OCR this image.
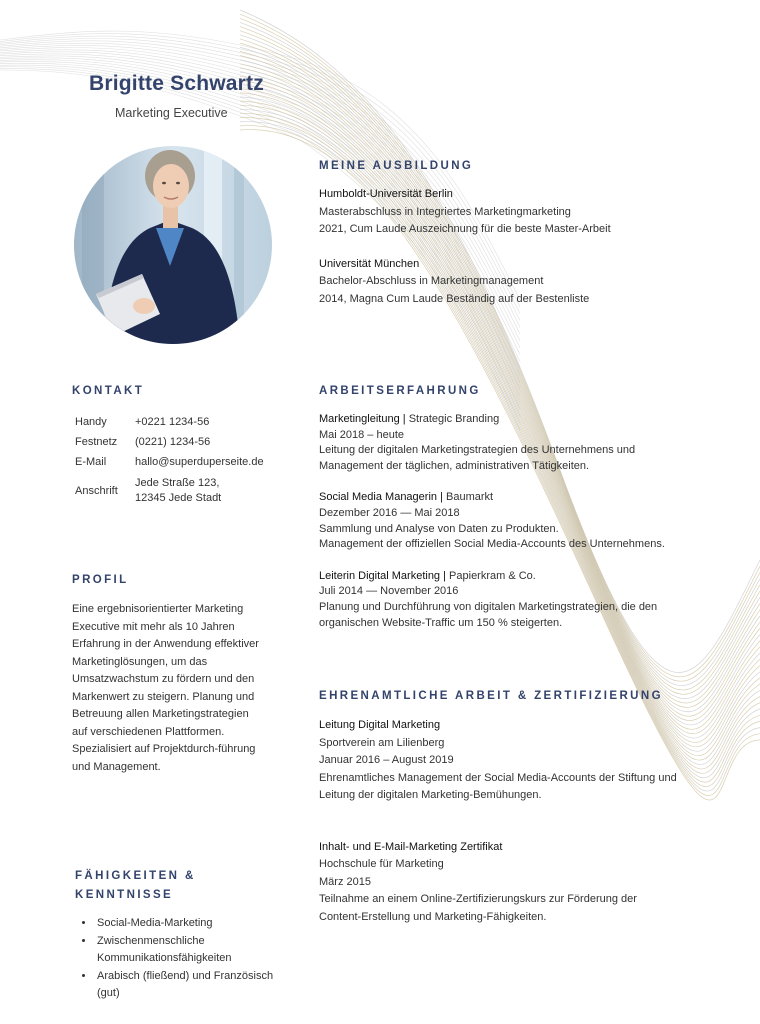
Brigitte Schwartz
Marketing Executive
MEINE AUSBILDUNG
Humboldt-Universität Berlin
Masterabschluss in Integriertes Marketingmarketing
2021, Cum Laude Auszeichnung für die beste Master-Arbeit
Universität München
Bachelor-Abschluss in Marketingmanagement
2014, Magna Cum Laude Beständig auf der Bestenliste
KONTAKT
Handy	+0221 1234-56
Festnetz	(0221) 1234-56
E-Mail	hallo@superduperseite.de
Anschrift	Jede Straße 123,
12345 Jede Stadt
PROFIL
Eine ergebnisorientierter Marketing
Executive mit mehr als 10 Jahren
Erfahrung in der Anwendung effektiver
Marketinglösungen, um das
Umsatzwachstum zu fördern und den
Markenwert zu steigern. Planung und
Betreuung allen Marketingstrategien
auf verschiedenen Plattformen.
Spezialisiert auf Projektdurch-führung
und Management.
FÄHIGKEITEN &
KENNTNISSE
• Social-Media-Marketing
• Zwischenmenschliche
Kommunikationsfähigkeiten
• Arabisch (fließend) und Französisch
(gut)
ARBEITSERFAHRUNG
Marketingleitung | Strategic Branding
Mai 2018 – heute
Leitung der digitalen Marketingstrategien des Unternehmens und
Management der täglichen, administrativen Tätigkeiten.
Social Media Managerin | Baumarkt
Dezember 2016 — Mai 2018
Sammlung und Analyse von Daten zu Produkten.
Management der offiziellen Social Media-Accounts des Unternehmens.
Leiterin Digital Marketing | Papierkram & Co.
Juli 2014 — November 2016
Planung und Durchführung von digitalen Marketingstrategien, die den
organischen Website-Traffic um 150 % steigerten.
EHRENAMTLICHE ARBEIT & ZERTIFIZIERUNG
Leitung Digital Marketing
Sportverein am Lilienberg
Januar 2016 – August 2019
Ehrenamtliches Management der Social Media-Accounts der Stiftung und
Leitung der digitalen Marketing-Bemühungen.
Inhalt- und E-Mail-Marketing Zertifikat
Hochschule für Marketing
März 2015
Teilnahme an einem Online-Zertifizierungskurs zur Förderung der
Content-Erstellung und Marketing-Fähigkeiten.
